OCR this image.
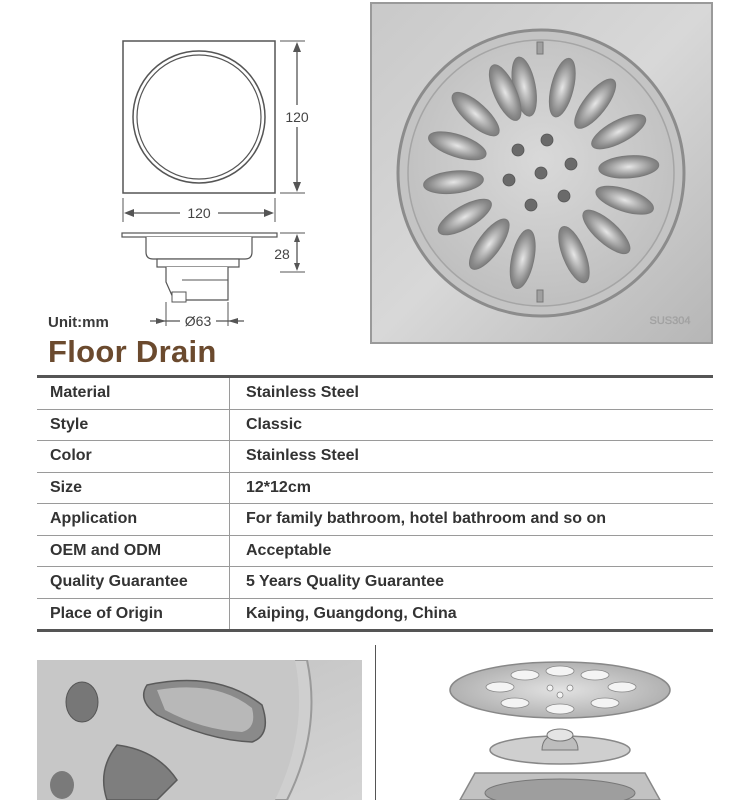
120
120
28
Ø63
Unit:mm
Floor Drain
SUS304
Material	Stainless Steel
Style	Classic
Color	Stainless Steel
Size	12*12cm
Application	For family bathroom, hotel bathroom and so on
OEM and ODM	Acceptable
Quality Guarantee	5 Years Quality Guarantee
Place of Origin	Kaiping, Guangdong, China
